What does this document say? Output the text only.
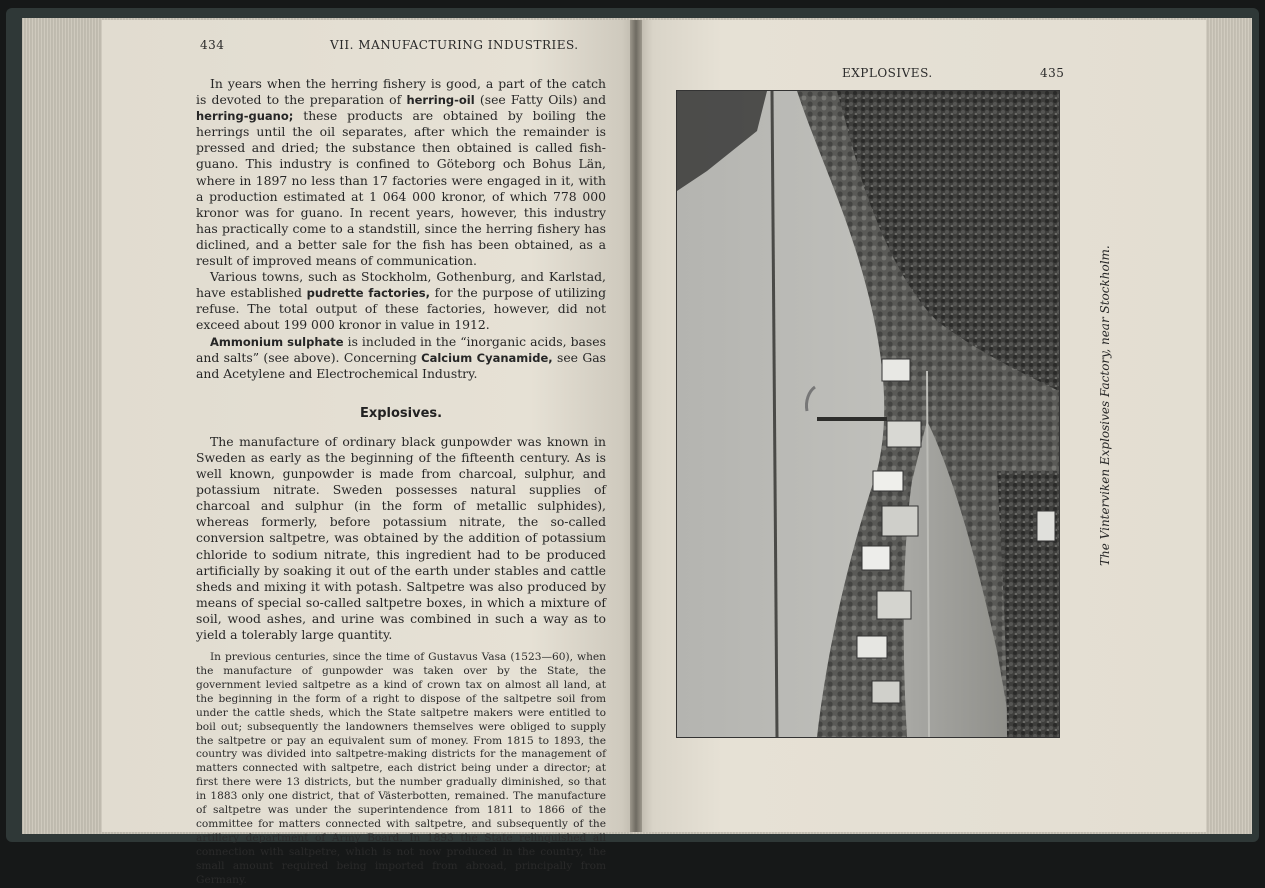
434	VII. MANUFACTURING INDUSTRIES.

In years when the herring fishery is good, a part of the catch is devoted to the preparation of herring-oil (see Fatty Oils) and herring-guano; these products are obtained by boiling the herrings until the oil separates, after which the remainder is pressed and dried; the substance then obtained is called fish-guano. This industry is confined to Göteborg och Bohus Län, where in 1897 no less than 17 factories were engaged in it, with a production estimated at 1 064 000 kronor, of which 778 000 kronor was for guano. In recent years, however, this industry has practically come to a standstill, since the herring fishery has diclined, and a better sale for the fish has been obtained, as a result of improved means of communication.

Various towns, such as Stockholm, Gothenburg, and Karlstad, have established pudrette factories, for the purpose of utilizing refuse. The total output of these factories, however, did not exceed about 199 000 kronor in value in 1912.

Ammonium sulphate is included in the “inorganic acids, bases and salts” (see above). Concerning Calcium Cyanamide, see Gas and Acetylene and Electrochemical Industry.

Explosives.

The manufacture of ordinary black gunpowder was known in Sweden as early as the beginning of the fifteenth century. As is well known, gunpowder is made from charcoal, sulphur, and potassium nitrate. Sweden possesses natural supplies of charcoal and sulphur (in the form of metallic sulphides), whereas formerly, before potassium nitrate, the so-called conversion saltpetre, was obtained by the addition of potassium chloride to sodium nitrate, this ingredient had to be produced artificially by soaking it out of the earth under stables and cattle sheds and mixing it with potash. Saltpetre was also produced by means of special so-called saltpetre boxes, in which a mixture of soil, wood ashes, and urine was combined in such a way as to yield a tolerably large quantity.

In previous centuries, since the time of Gustavus Vasa (1523—60), when the manufacture of gunpowder was taken over by the State, the government levied saltpetre as a kind of crown tax on almost all land, at the beginning in the form of a right to dispose of the saltpetre soil from under the cattle sheds, which the State saltpetre makers were entitled to boil out; subsequently the landowners themselves were obliged to supply the saltpetre or pay an equivalent sum of money. From 1815 to 1893, the country was divided into saltpetre-making districts for the management of matters connected with saltpetre, each district being under a director; at first there were 13 districts, but the number gradually diminished, so that in 1883 only one district, that of Västerbotten, remained. The manufacture of saltpetre was under the superintendence from 1811 to 1866 of the committee for matters connected with saltpetre, and subsequently of the artillery department of Army Board. In 1893 the State relinquished all connection with saltpetre, which is not now produced in the country, the small amount required being imported from abroad, principally from Germany.

EXPLOSIVES.	435
The Vinterviken Explosives Factory, near Stockholm.
